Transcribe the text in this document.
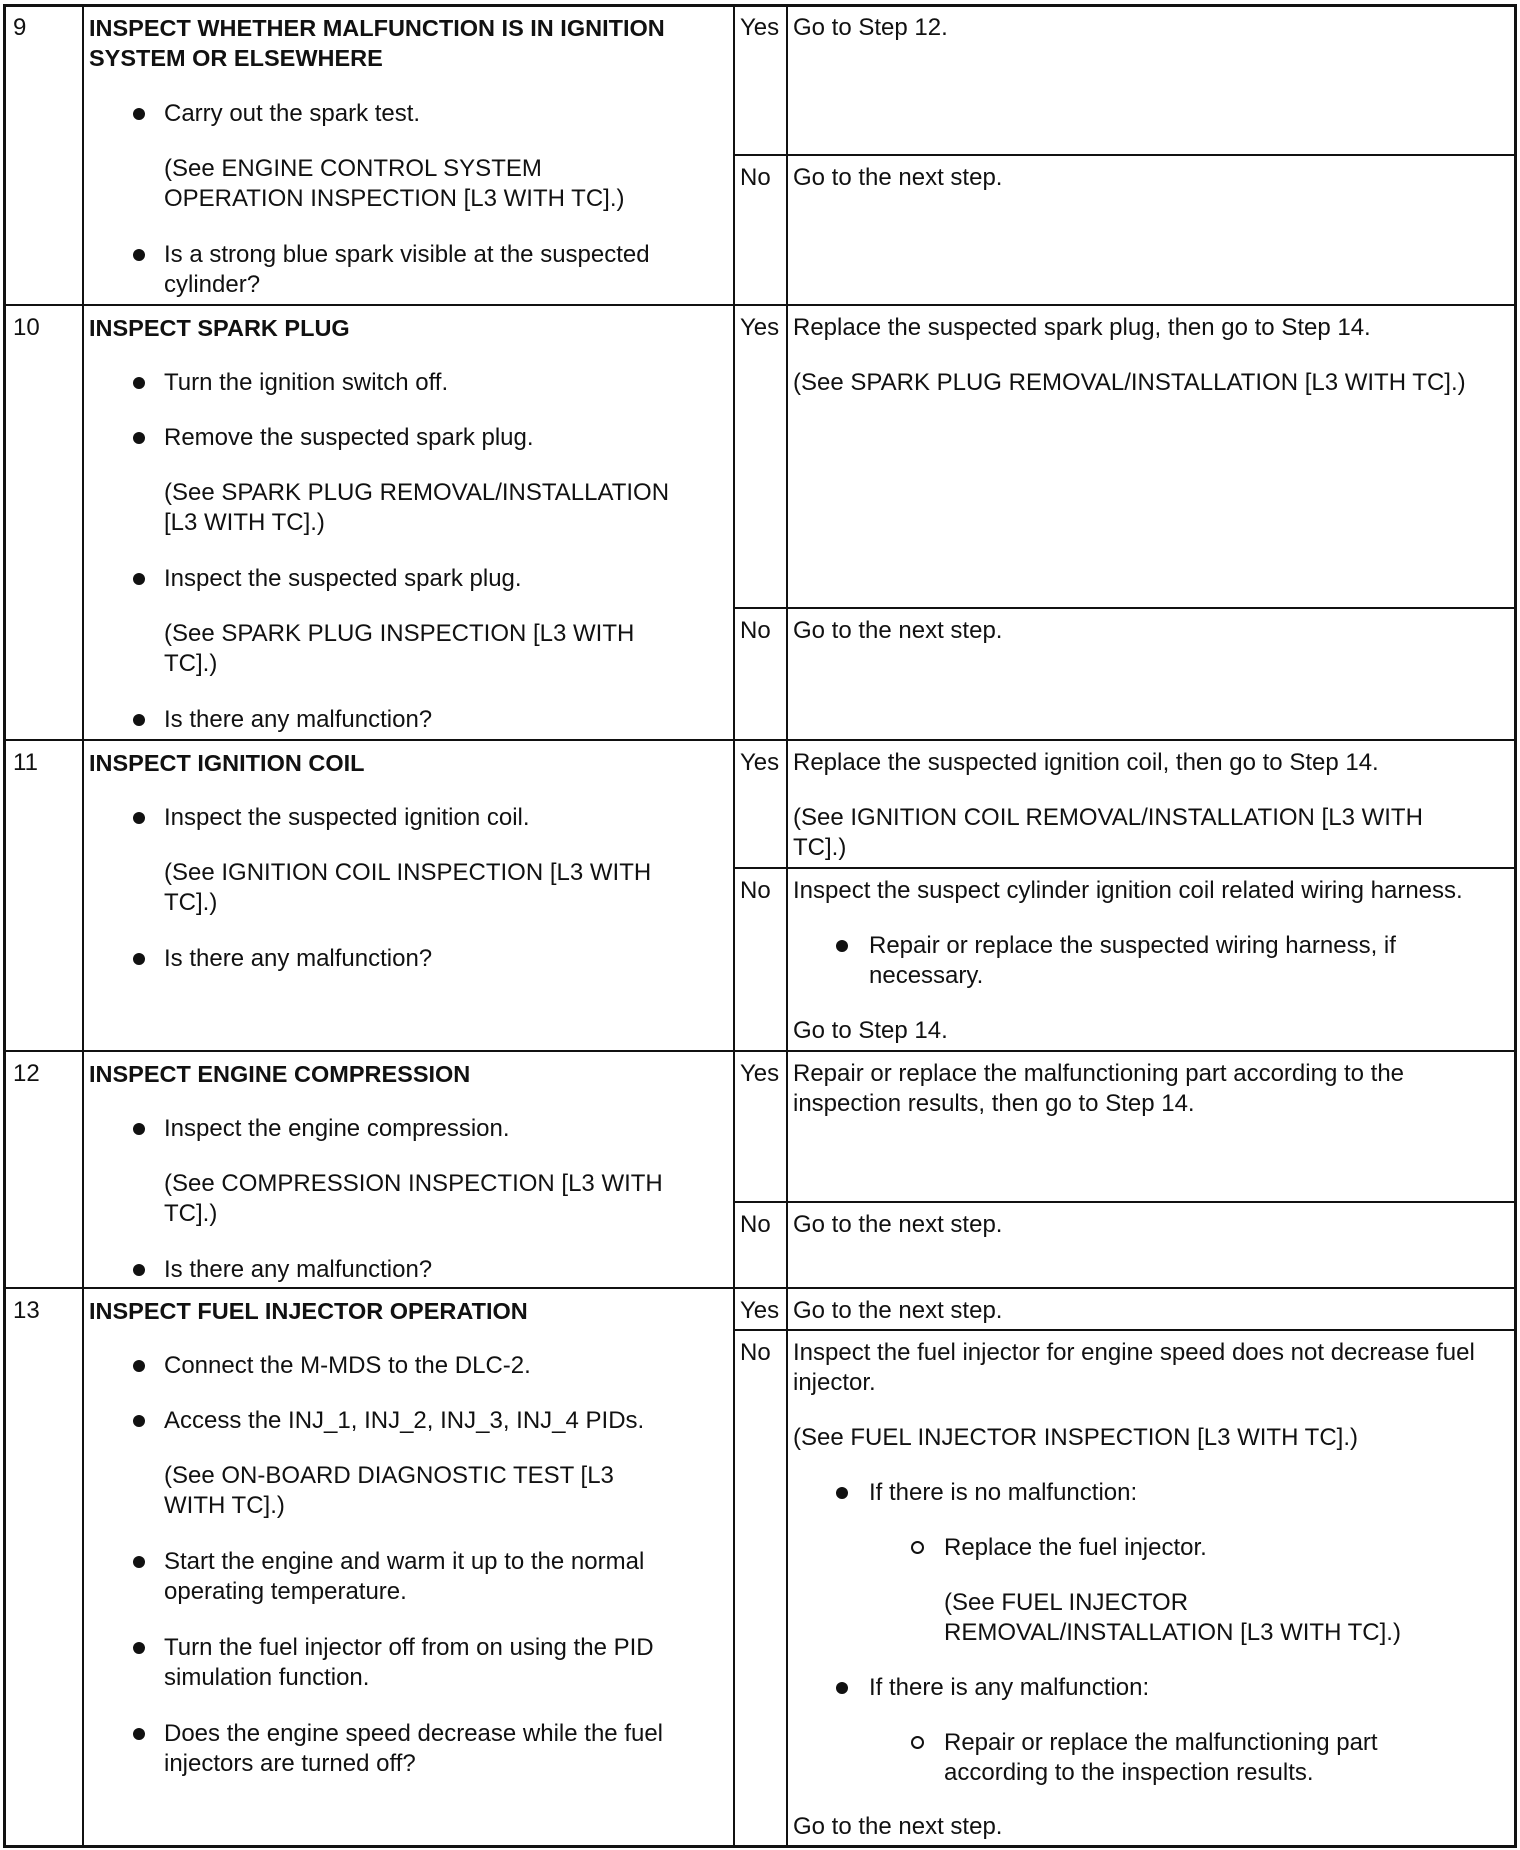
9	INSPECT WHETHER MALFUNCTION IS IN IGNITION
SYSTEM OR ELSEWHERE
Carry out the spark test.
(See ENGINE CONTROL SYSTEM
OPERATION INSPECTION [L3 WITH TC].)
Is a strong blue spark visible at the suspected
cylinder?
Yes Go to Step 12.
No Go to the next step.
10 INSPECT SPARK PLUG
Turn the ignition switch off.
Remove the suspected spark plug.
(See SPARK PLUG REMOVAL/INSTALLATION
[L3 WITH TC].)
Inspect the suspected spark plug.
(See SPARK PLUG INSPECTION [L3 WITH
TC].)
Is there any malfunction?
Yes Replace the suspected spark plug, then go to Step 14.
(See SPARK PLUG REMOVAL/INSTALLATION [L3 WITH TC].)
No Go to the next step.
11 INSPECT IGNITION COIL
Inspect the suspected ignition coil.
(See IGNITION COIL INSPECTION [L3 WITH
TC].)
Is there any malfunction?
Yes Replace the suspected ignition coil, then go to Step 14.
(See IGNITION COIL REMOVAL/INSTALLATION [L3 WITH
TC].)
No Inspect the suspect cylinder ignition coil related wiring harness.
Repair or replace the suspected wiring harness, if
necessary.
Go to Step 14.
12 INSPECT ENGINE COMPRESSION
Inspect the engine compression.
(See COMPRESSION INSPECTION [L3 WITH
TC].)
Is there any malfunction?
Yes Repair or replace the malfunctioning part according to the
inspection results, then go to Step 14.
No Go to the next step.
13 INSPECT FUEL INJECTOR OPERATION
Connect the M-MDS to the DLC-2.
Access the INJ_1, INJ_2, INJ_3, INJ_4 PIDs.
(See ON-BOARD DIAGNOSTIC TEST [L3
WITH TC].)
Start the engine and warm it up to the normal
operating temperature.
Turn the fuel injector off from on using the PID
simulation function.
Does the engine speed decrease while the fuel
injectors are turned off?
Yes Go to the next step.
No Inspect the fuel injector for engine speed does not decrease fuel
injector.
(See FUEL INJECTOR INSPECTION [L3 WITH TC].)
If there is no malfunction:
Replace the fuel injector.
(See FUEL INJECTOR
REMOVAL/INSTALLATION [L3 WITH TC].)
If there is any malfunction:
Repair or replace the malfunctioning part
according to the inspection results.
Go to the next step.
